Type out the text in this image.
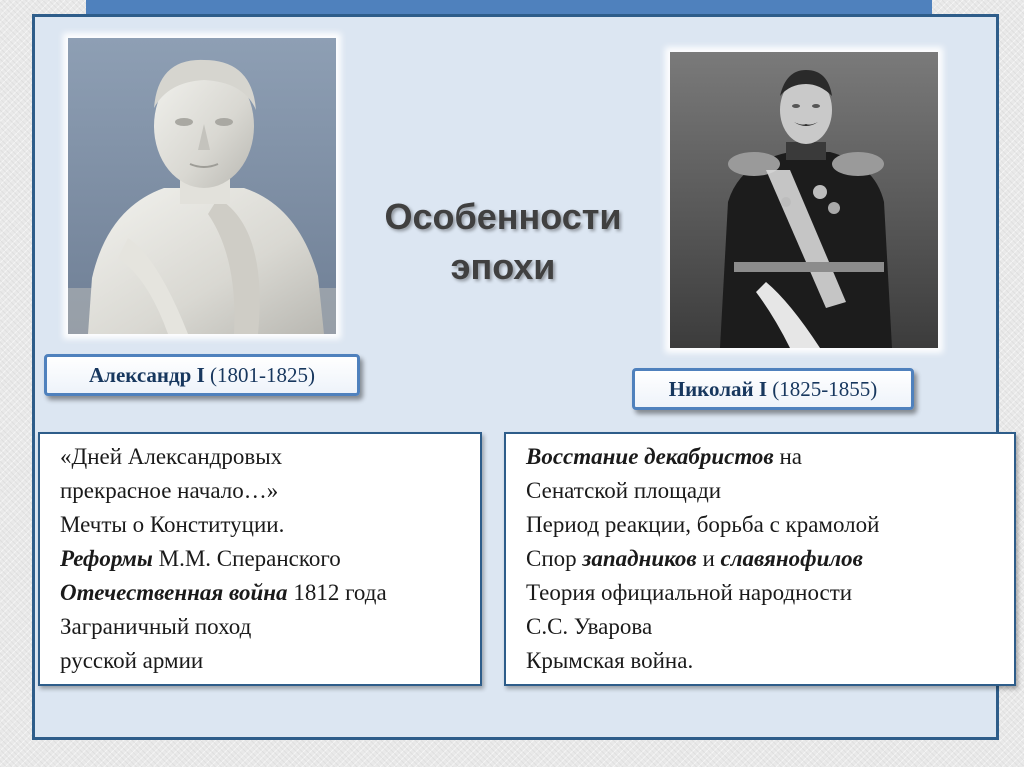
Особенности
эпохи
Александр I (1801-1825)
Николай I (1825-1855)
«Дней Александровых
прекрасное начало…»
Мечты о Конституции.
Реформы М.М. Сперанского
Отечественная война 1812 года
Заграничный поход
русской армии
Восстание декабристов на
Сенатской площади
Период реакции, борьба с крамолой
Спор западников и славянофилов
Теория официальной народности
С.С. Уварова
Крымская война.
